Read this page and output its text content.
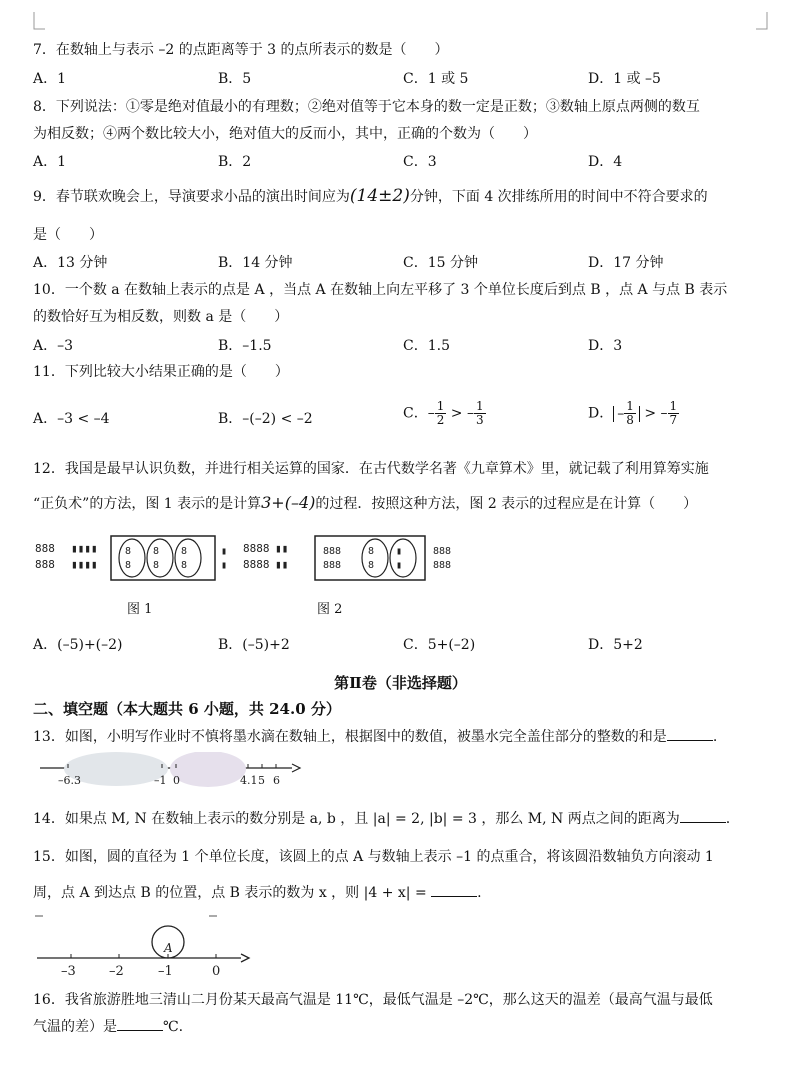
7．在数轴上与表示 –2 的点距离等于 3 的点所表示的数是（　　）
A．1	B．5	C．1 或 5	D．1 或 –5
8．下列说法：①零是绝对值最小的有理数；②绝对值等于它本身的数一定是正数；③数轴上原点两侧的数互
为相反数；④两个数比较大小，绝对值大的反而小，其中，正确的个数为（　　）
A．1	B．2	C．3	D．4
9．春节联欢晚会上，导演要求小品的演出时间应为(14±2)分钟，下面 4 次排练所用的时间中不符合要求的
是（　　）
A．13 分钟	B．14 分钟	C．15 分钟	D．17 分钟
10．一个数 a 在数轴上表示的点是 A ，当点 A 在数轴上向左平移了 3 个单位长度后到点 B ，点 A 与点 B 表示
的数恰好互为相反数，则数 a 是（　　）
A．–3	B．–1.5	C．1.5	D．3
11．下列比较大小结果正确的是（　　）
A．–3 < –4	B．–(–2) < –2	C．– $\frac{1}{2}$ > – $\frac{1}{3}$	D． – $\frac{1}{8}$ > – $\frac{1}{7}$
12．我国是最早认识负数，并进行相关运算的国家．在古代数学名著《九章算术》里，就记载了利用算筹实施
“正负术”的方法，图 1 表示的是计算3+(–4)的过程．按照这种方法，图 2 表示的过程应是在计算（　　）
888
888
▮▮▮▮
▮▮▮▮
8
8
8
8
8
8
▮
▮
8888
8888
▮▮
▮▮
888
888
8
8
▮
▮
888
888
图 1	图 2
A．(–5)+(–2)	B．(–5)+2	C．5+(–2)	D．5+2
第Ⅱ卷（非选择题）
二、填空题（本大题共 6 小题，共 24.0 分）
13．如图，小明写作业时不慎将墨水滴在数轴上，根据图中的数值，被墨水完全盖住部分的整数的和是	.
–6.3	–1 0	4.1 5 6
14．如果点 M, N 在数轴上表示的数分别是 a, b ，且 |a| = 2, |b| = 3 ，那么 M, N 两点之间的距离为	.
15．如图，圆的直径为 1 个单位长度，该圆上的点 A 与数轴上表示 –1 的点重合，将该圆沿数轴负方向滚动 1
周，点 A 到达点 B 的位置，点 B 表示的数为 x ，则 |4 + x| =	.
A
–3	–2	–1	0
16．我省旅游胜地三清山二月份某天最高气温是 11℃，最低气温是 –2℃，那么这天的温差（最高气温与最低
气温的差）是	℃.
